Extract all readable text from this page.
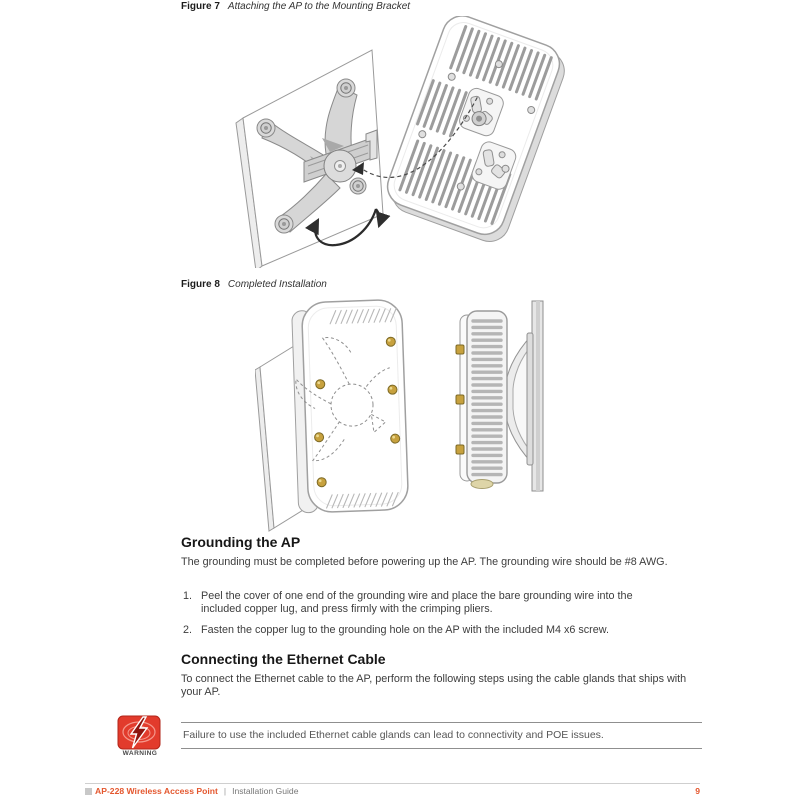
Figure 7 Attaching the AP to the Mounting Bracket
Figure 8 Completed Installation
Grounding the AP
The grounding must be completed before powering up the AP. The grounding wire should be #8 AWG.
1. Peel the cover of one end of the grounding wire and place the bare grounding wire into the included copper lug, and press firmly with the crimping pliers.
2. Fasten the copper lug to the grounding hole on the AP with the included M4 x6 screw.
Connecting the Ethernet Cable
To connect the Ethernet cable to the AP, perform the following steps using the cable glands that ships with your AP.
WARNING
Failure to use the included Ethernet cable glands can lead to connectivity and POE issues.
AP-228 Wireless Access Point | Installation Guide	9
